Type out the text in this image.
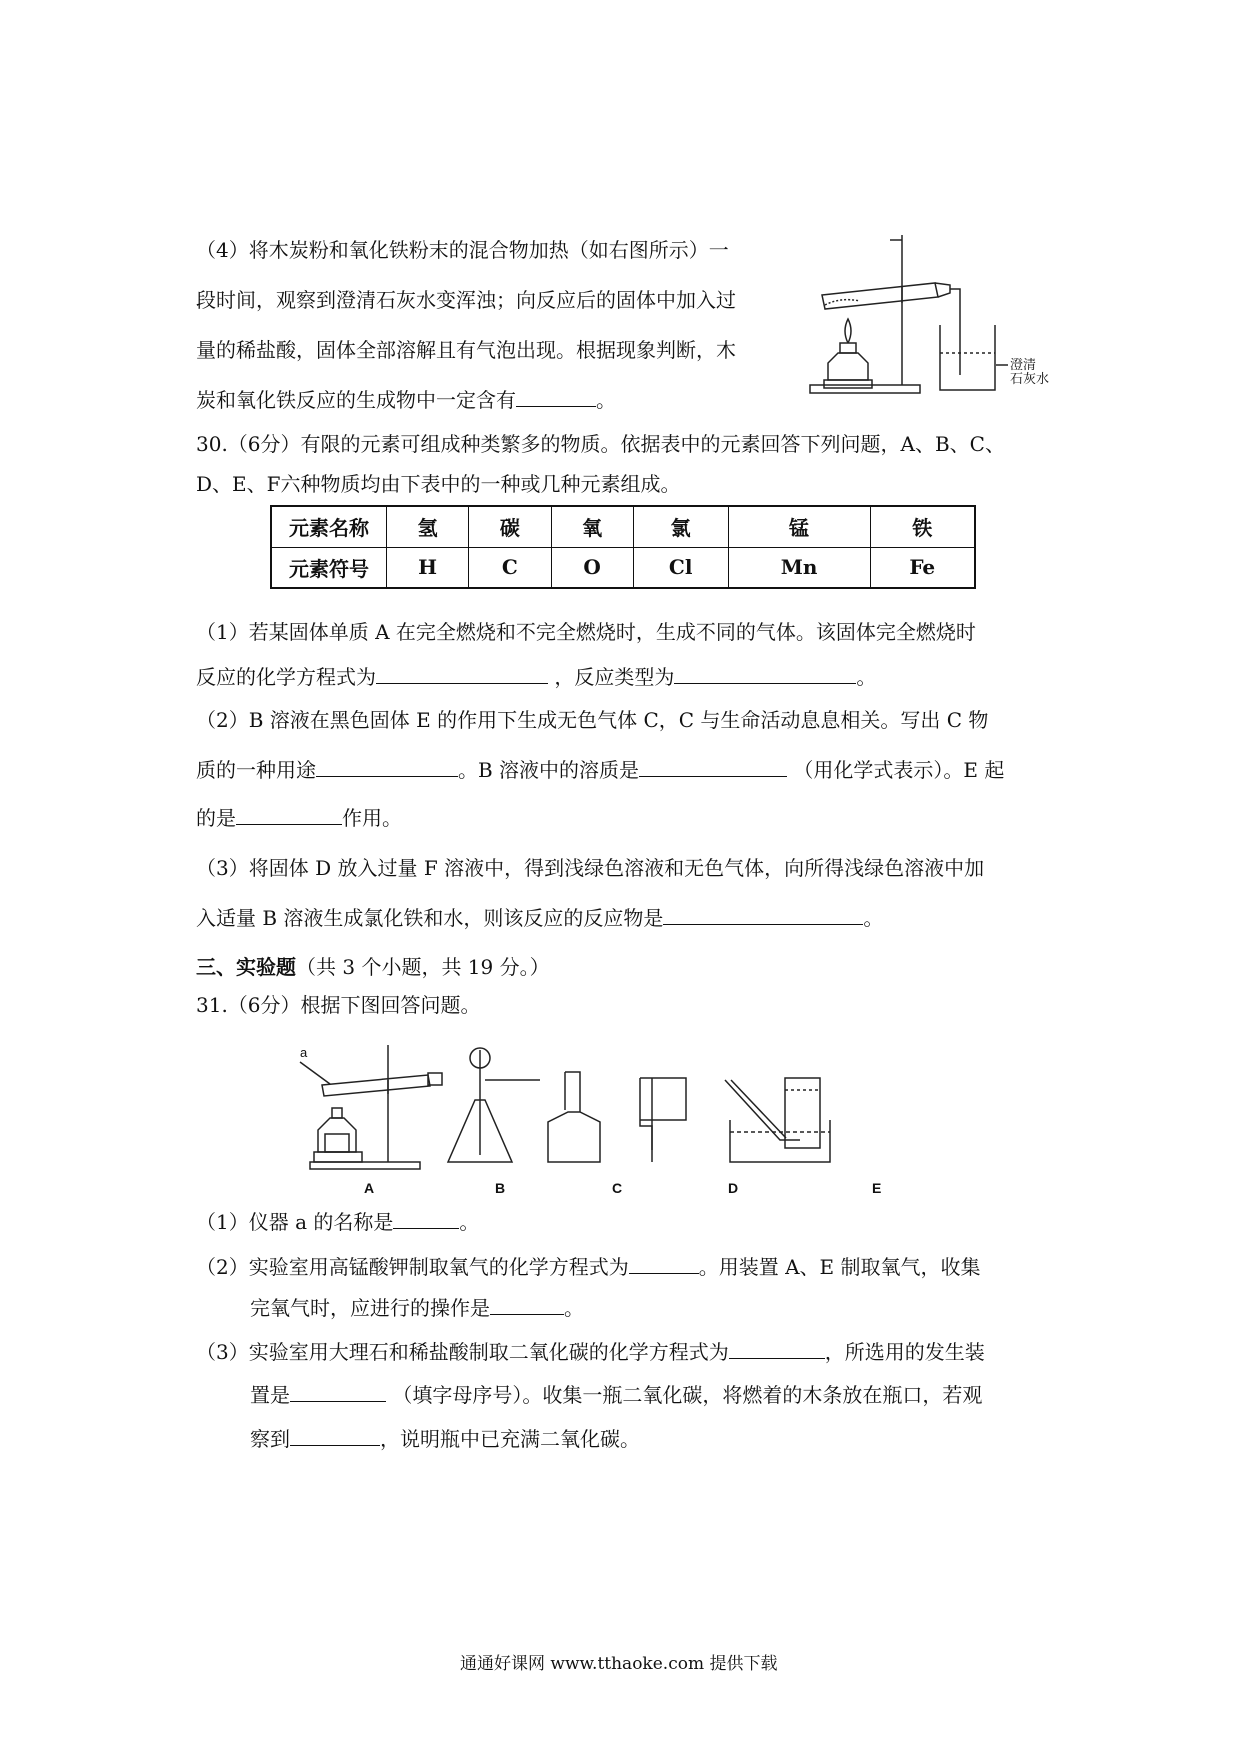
（4）将木炭粉和氧化铁粉末的混合物加热（如右图所示）一
段时间，观察到澄清石灰水变浑浊；向反应后的固体中加入过
量的稀盐酸，固体全部溶解且有气泡出现。根据现象判断，木
炭和氧化铁反应的生成物中一定含有	。
澄清
石灰水
30.（6分）有限的元素可组成种类繁多的物质。依据表中的元素回答下列问题，A、B、C、
D、E、F六种物质均由下表中的一种或几种元素组成。
元素名称	氢	碳	氧	氯	锰	铁
元素符号	H	C	O	Cl	Mn	Fe
（1）若某固体单质 A 在完全燃烧和不完全燃烧时，生成不同的气体。该固体完全燃烧时
反应的化学方程式为	，反应类型为	。
（2）B 溶液在黑色固体 E 的作用下生成无色气体 C，C 与生命活动息息相关。写出 C 物
质的一种用途	。B 溶液中的溶质是	（用化学式表示）。E 起
的是	作用。
（3）将固体 D 放入过量 F 溶液中，得到浅绿色溶液和无色气体，向所得浅绿色溶液中加
入适量 B 溶液生成氯化铁和水，则该反应的反应物是	。
三、实验题（共 3 个小题，共 19 分。）
31.（6分）根据下图回答问题。
A	B	C	D	E
a
（1）仪器 a 的名称是	。
（2）实验室用高锰酸钾制取氧气的化学方程式为	。用装置 A、E 制取氧气，收集
完氧气时，应进行的操作是	。
（3）实验室用大理石和稀盐酸制取二氧化碳的化学方程式为	，所选用的发生装
置是	（填字母序号）。收集一瓶二氧化碳，将燃着的木条放在瓶口，若观
察到	，说明瓶中已充满二氧化碳。
通通好课网 www.tthaoke.com 提供下载
